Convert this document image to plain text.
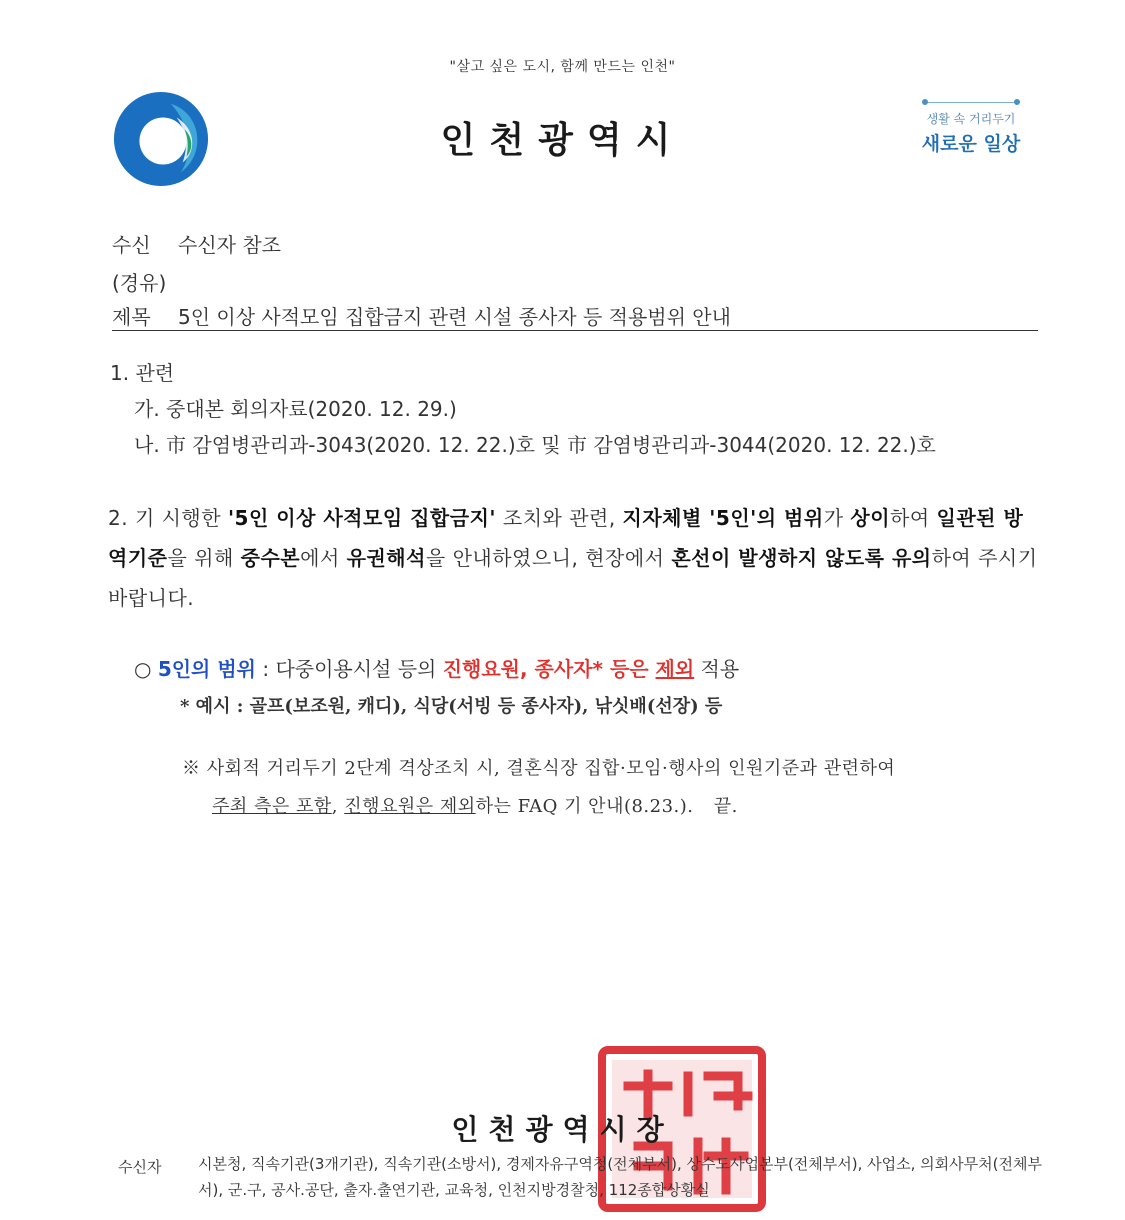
"살고 싶은 도시, 함께 만드는 인천"
인천광역시
생활 속 거리두기
새로운 일상
수신 수신자 참조
(경유)
제목 5인 이상 사적모임 집합금지 관련 시설 종사자 등 적용범위 안내
1. 관련
가. 중대본 회의자료(2020. 12. 29.)
나. 市 감염병관리과-3043(2020. 12. 22.)호 및 市 감염병관리과-3044(2020. 12. 22.)호
2. 기 시행한 '5인 이상 사적모임 집합금지' 조치와 관련, 지자체별 '5인'의 범위가 상이하여 일관된 방역기준을 위해 중수본에서 유권해석을 안내하였으니, 현장에서 혼선이 발생하지 않도록 유의하여 주시기 바랍니다.
○ 5인의 범위 : 다중이용시설 등의 진행요원, 종사자* 등은 제외 적용
* 예시 : 골프(보조원, 캐디), 식당(서빙 등 종사자), 낚싯배(선장) 등
※ 사회적 거리두기 2단계 격상조치 시, 결혼식장 집합·모임·행사의 인원기준과 관련하여
주최 측은 포함, 진행요원은 제외하는 FAQ 기 안내(8.23.). 끝.
인천광역시장
수신자 시본청, 직속기관(3개기관), 직속기관(소방서), 경제자유구역청(전체부서), 상수도사업본부(전체부서), 사업소, 의회사무처(전체부서), 군.구, 공사.공단, 출자.출연기관, 교육청, 인천지방경찰청, 112종합상황실
